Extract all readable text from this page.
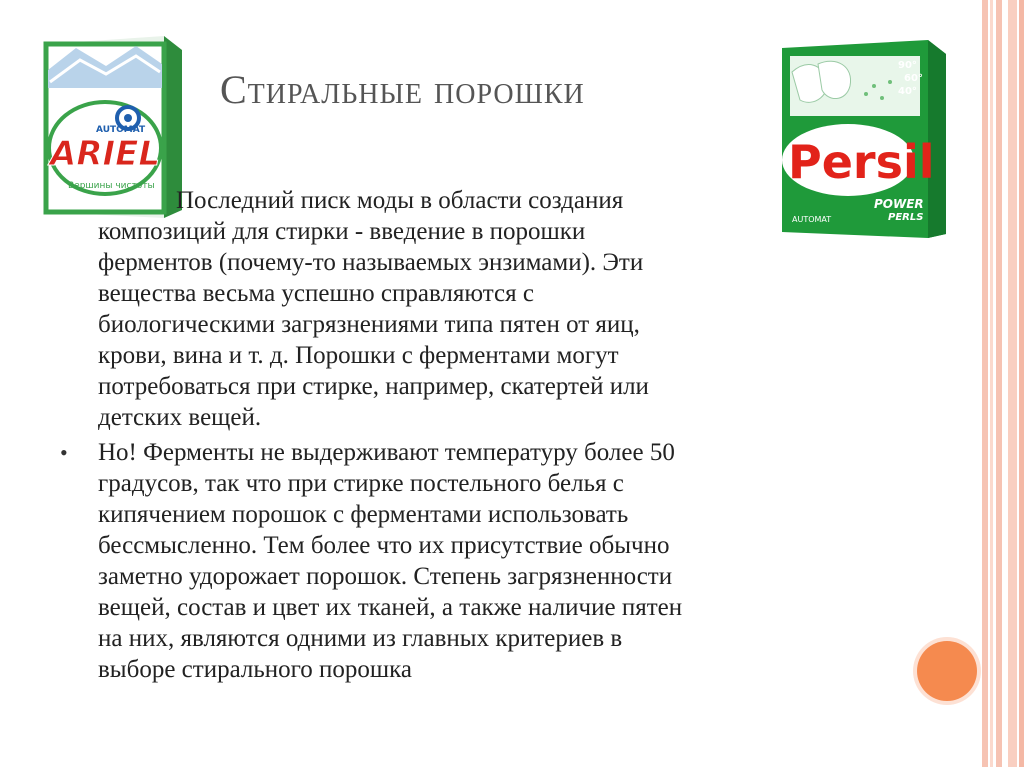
AUTOMAT
ARIEL
Вершины чистоты
90°
60°
40°
Persil
POWER
PERLS
AUTOMAT
Стиральные порошки
Последний писк моды в области создания
композиций для стирки - введение в порошки
ферментов (почему-то называемых энзимами). Эти
вещества весьма успешно справляются с
биологическими загрязнениями типа пятен от яиц,
крови, вина и т. д. Порошки с ферментами могут
потребоваться при стирке, например, скатертей или
детских вещей.
• Но! Ферменты не выдерживают температуру более 50
градусов, так что при стирке постельного белья с
кипячением порошок с ферментами использовать
бессмысленно. Тем более что их присутствие обычно
заметно удорожает порошок. Степень загрязненности
вещей, состав и цвет их тканей, а также наличие пятен
на них, являются одними из главных критериев в
выборе стирального порошка
